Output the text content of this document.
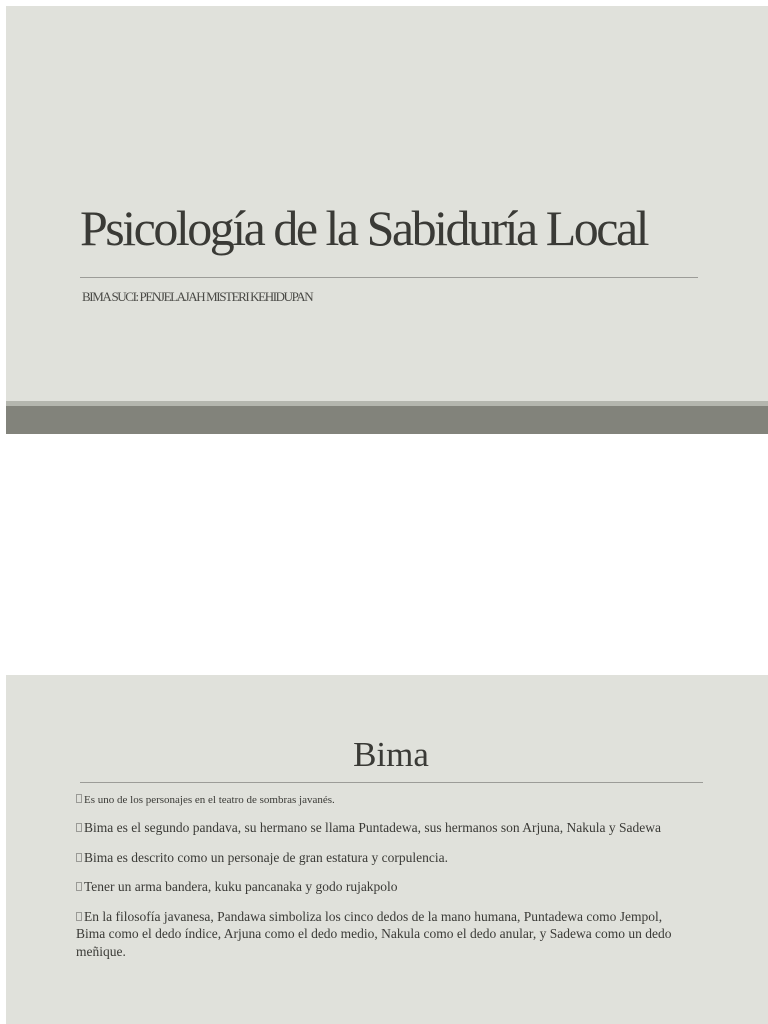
Psicología de la Sabiduría Local
BIMA SUCI: PENJELAJAH MISTERI KEHIDUPAN
Bima
Es uno de los personajes en el teatro de sombras javanés.
Bima es el segundo pandava, su hermano se llama Puntadewa, sus hermanos son Arjuna, Nakula y Sadewa
Bima es descrito como un personaje de gran estatura y corpulencia.
Tener un arma bandera, kuku pancanaka y godo rujakpolo
En la filosofía javanesa, Pandawa simboliza los cinco dedos de la mano humana, Puntadewa como Jempol, Bima como el dedo índice, Arjuna como el dedo medio, Nakula como el dedo anular, y Sadewa como un dedo meñique.
